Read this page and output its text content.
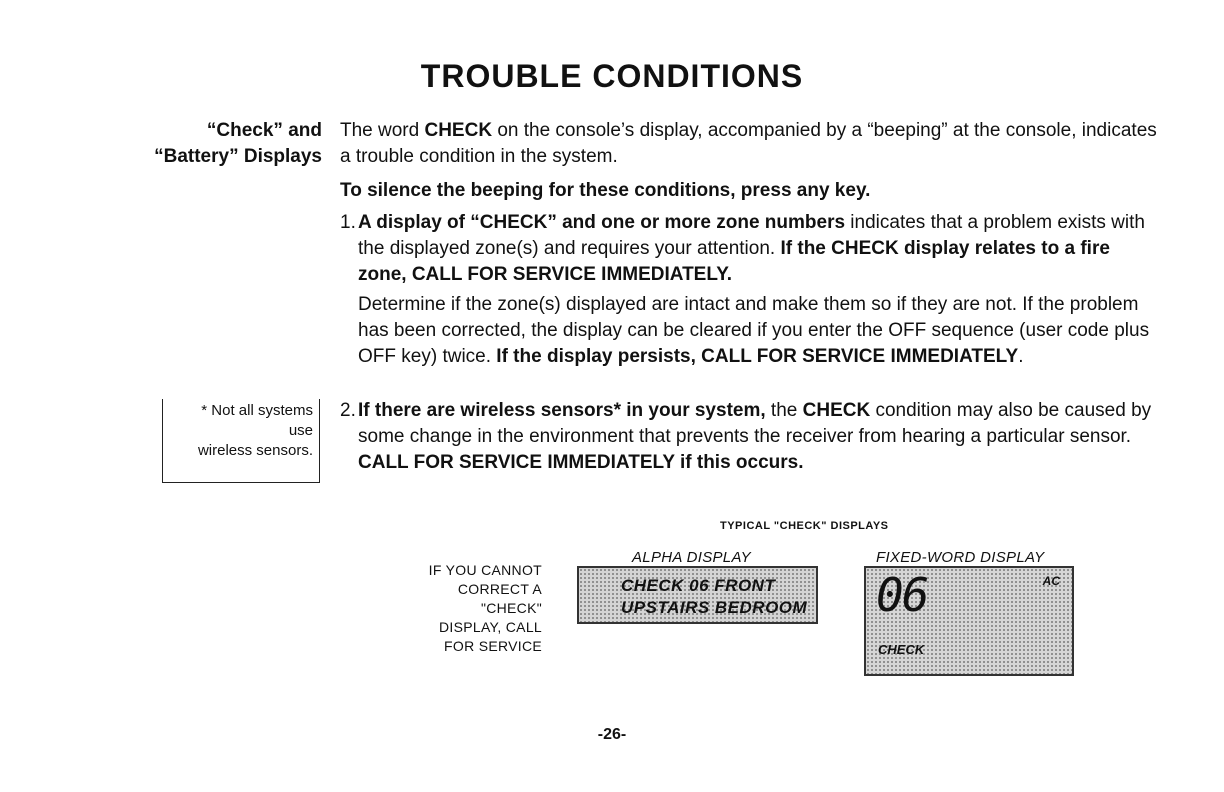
TROUBLE CONDITIONS
“Check” and
“Battery” Displays

The word CHECK on the console’s display, accompanied by a “beeping” at the console, indicates a trouble condition in the system.

To silence the beeping for these conditions, press any key.

1. A display of “CHECK” and one or more zone numbers indicates that a problem exists with the displayed zone(s) and requires your attention. If the CHECK display relates to a fire zone, CALL FOR SERVICE IMMEDIATELY.

Determine if the zone(s) displayed are intact and make them so if they are not. If the problem has been corrected, the display can be cleared if you enter the OFF sequence (user code plus OFF key) twice. If the display persists, CALL FOR SERVICE IMMEDIATELY.

2. If there are wireless sensors* in your system, the CHECK condition may also be caused by some change in the environment that prevents the receiver from hearing a particular sensor. CALL FOR SERVICE IMMEDIATELY if this occurs.

* Not all systems
use
wireless sensors.
TYPICAL "CHECK" DISPLAYS
IF YOU CANNOT
CORRECT A
"CHECK"
DISPLAY, CALL
FOR SERVICE
ALPHA DISPLAY	FIXED-WORD DISPLAY
CHECK 06 FRONT
UPSTAIRS BEDROOM 06	AC
CHECK
-26-
